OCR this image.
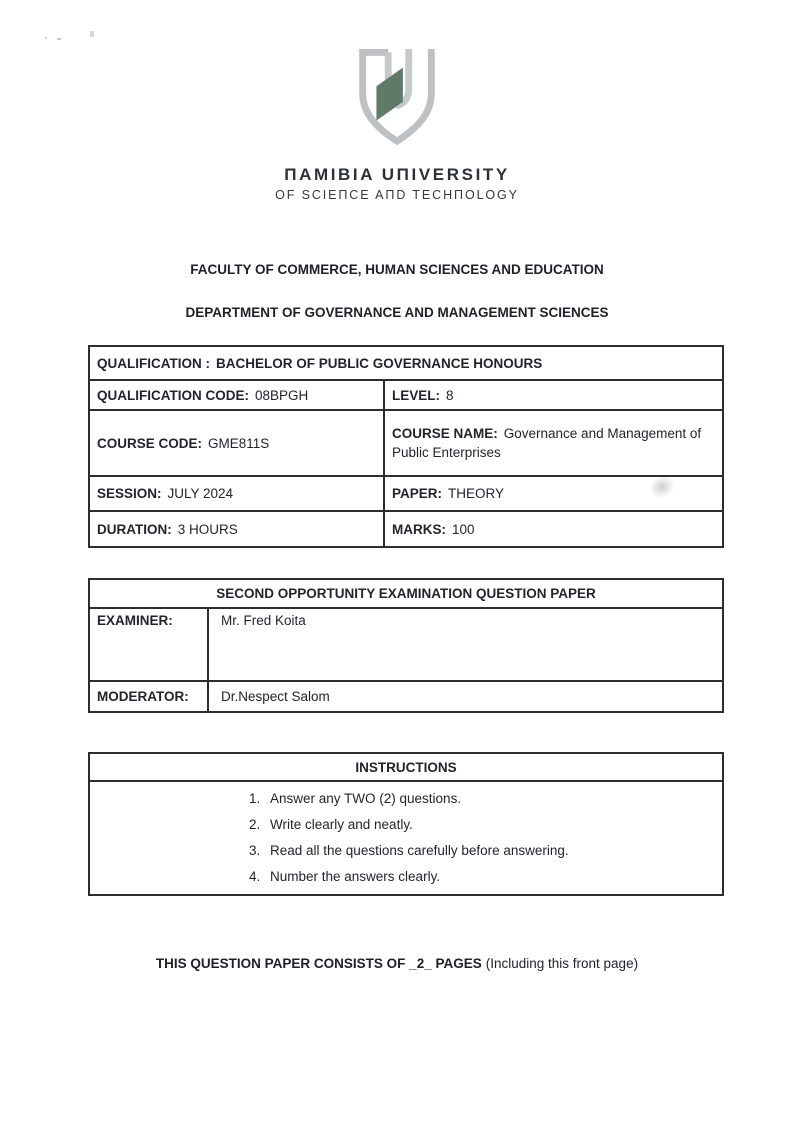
ΠAMIBIA UΠIVERSITY
OF SCIEΠCE AΠD TECHΠOLOGY
FACULTY OF COMMERCE, HUMAN SCIENCES AND EDUCATION
DEPARTMENT OF GOVERNANCE AND MANAGEMENT SCIENCES
QUALIFICATION : BACHELOR OF PUBLIC GOVERNANCE HONOURS	
QUALIFICATION CODE: 08BPGH	LEVEL: 8
COURSE CODE: GME811S	COURSE NAME: Governance and Management of Public Enterprises
SESSION: JULY 2024	PAPER: THEORY
DURATION: 3 HOURS	MARKS: 100
SECOND OPPORTUNITY EXAMINATION QUESTION PAPER	
EXAMINER:	Mr. Fred Koita
MODERATOR:	Dr.Nespect Salom
INSTRUCTIONS

1. Answer any TWO (2) questions.
2. Write clearly and neatly.
3. Read all the questions carefully before answering.
4. Number the answers clearly.
THIS QUESTION PAPER CONSISTS OF _2_ PAGES (Including this front page)
